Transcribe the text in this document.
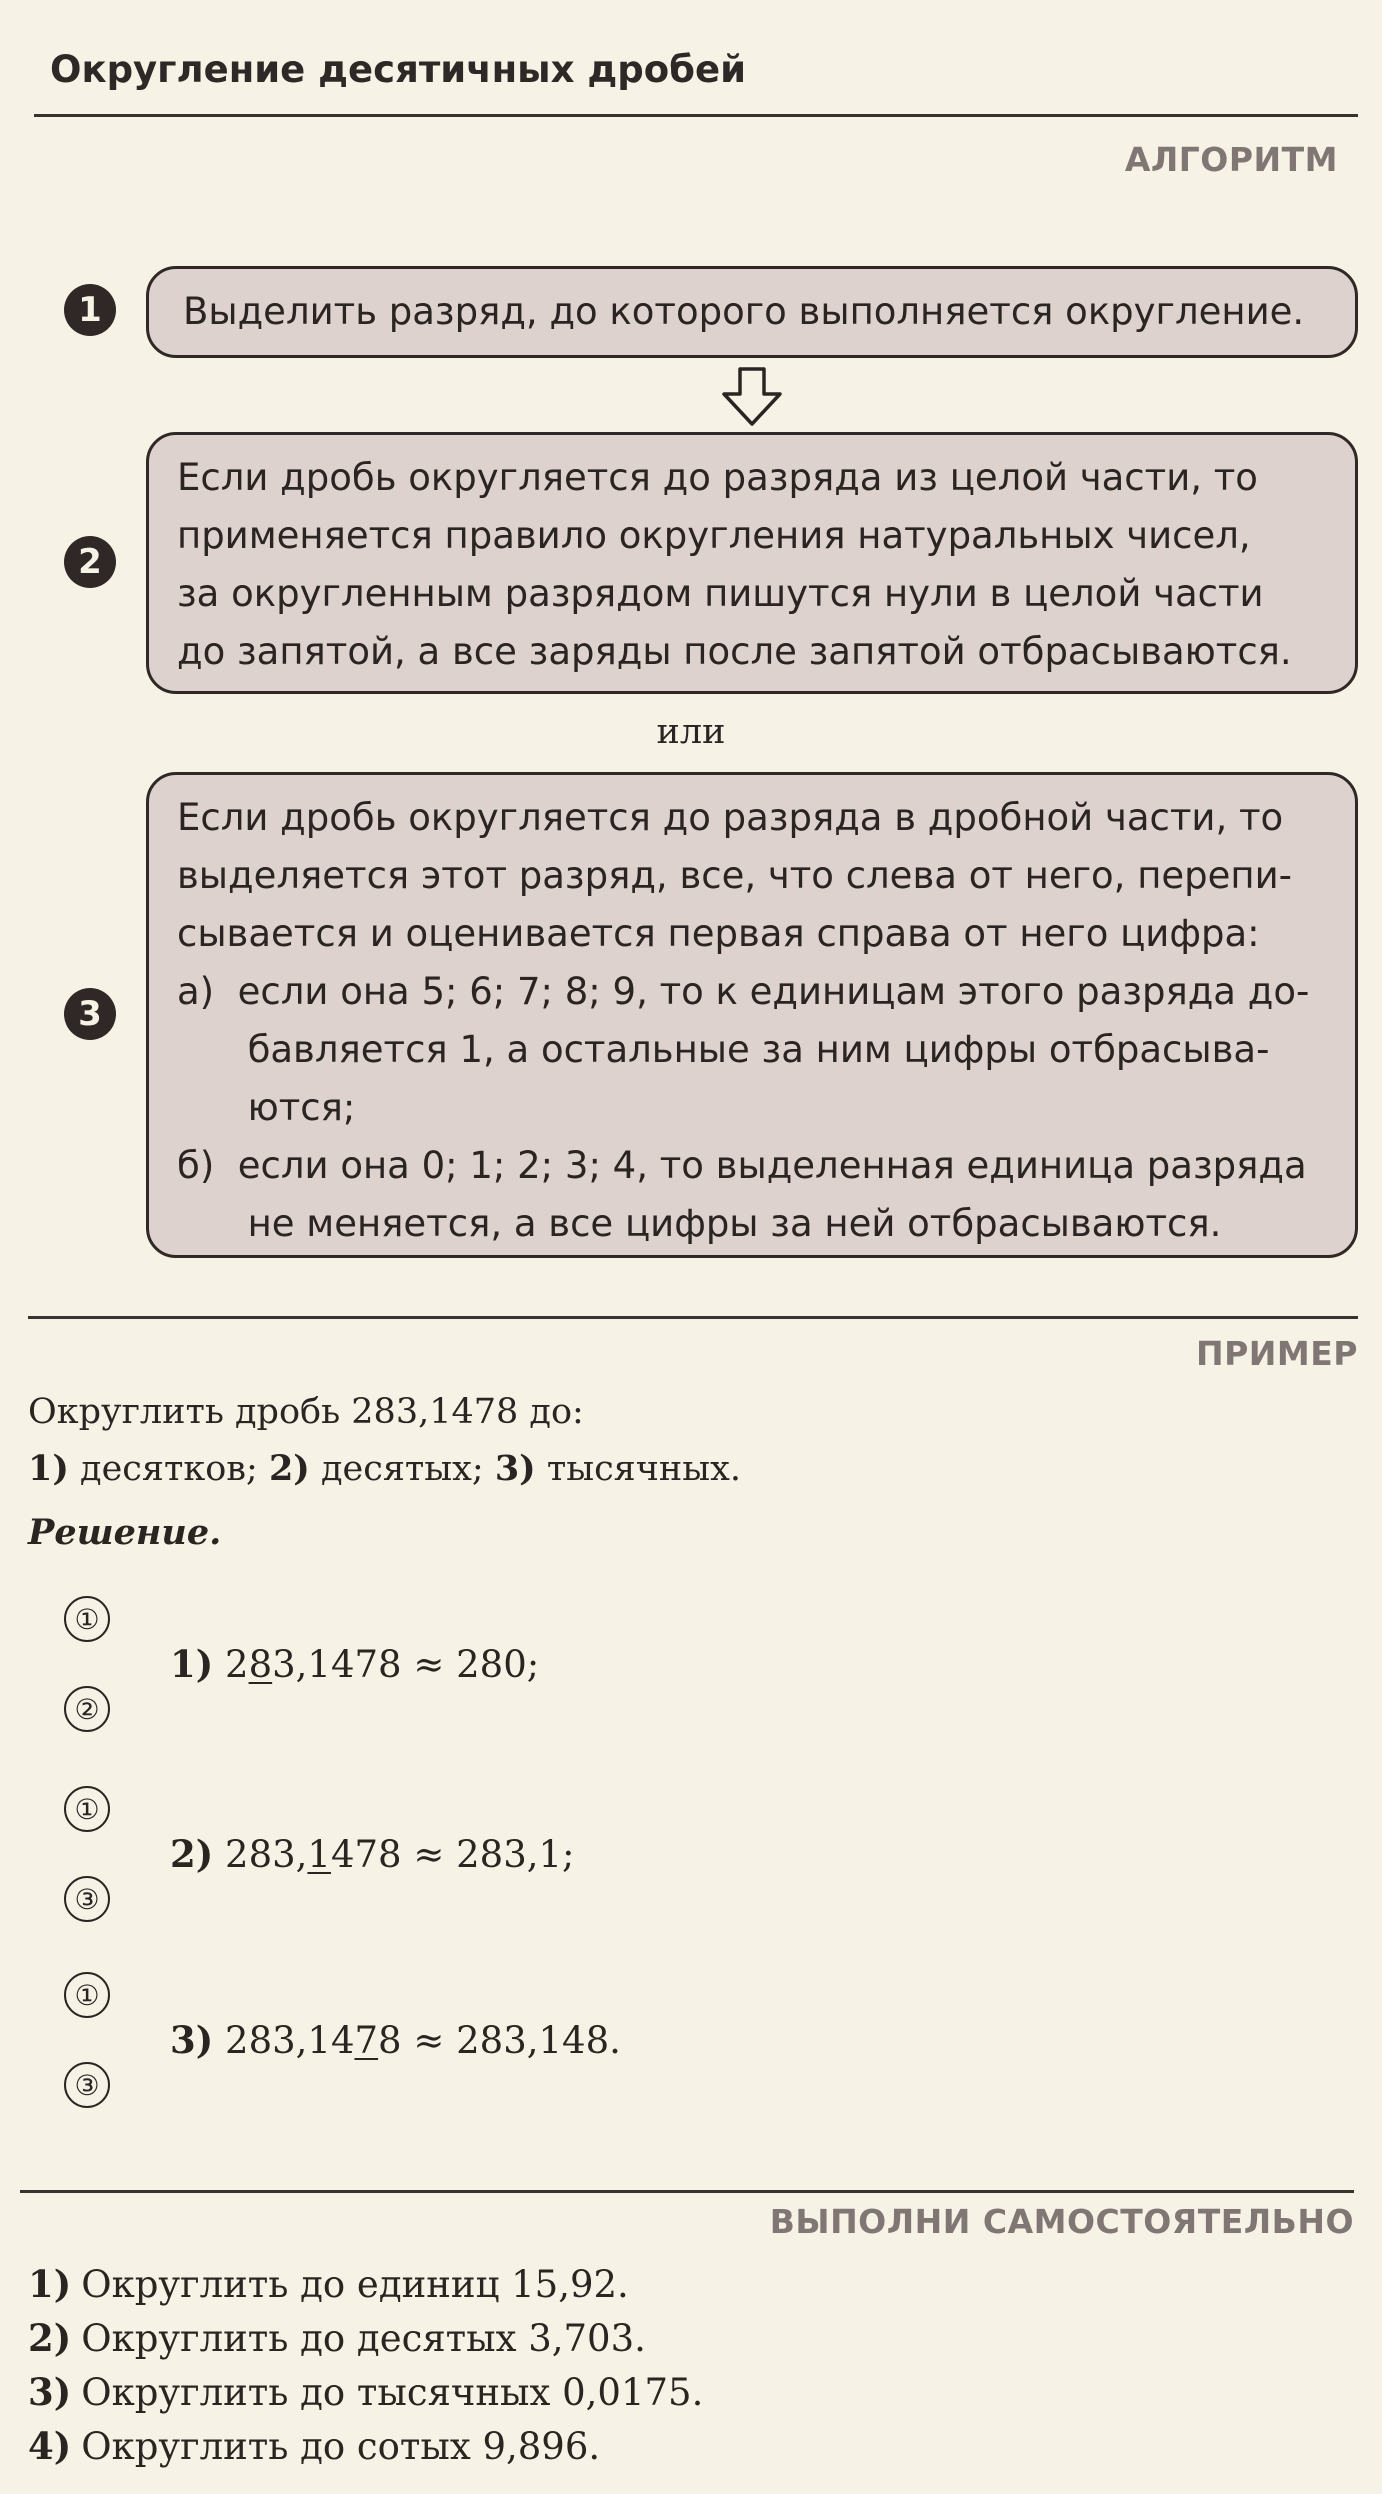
Округление десятичных дробей
АЛГОРИТМ
1	Выделить разряд, до которого выполняется округление.

2

Если дробь округляется до разряда из целой части, то

применяется правило округления натуральных чисел,

за округленным разрядом пишутся нули в целой части

до запятой, а все заряды после запятой отбрасываются.

или
3

Если дробь округляется до разряда в дробной части, то

выделяется этот разряд, все, что слева от него, перепи-

сывается и оценивается первая справа от него цифра:

а)  если она 5; 6; 7; 8; 9, то к единицам этого разряда до-

бавляется 1, а остальные за ним цифры отбрасыва-

ются;

б)  если она 0; 1; 2; 3; 4, то выделенная единица разряда

не меняется, а все цифры за ней отбрасываются.

ПРИМЕР
Округлить дробь 283,1478 до:
1) десятков; 2) десятых; 3) тысячных.
Решение.
①
②
1) 283,1478 ≈ 280;
①
③
2) 283,1478 ≈ 283,1;
①
③
3) 283,1478 ≈ 283,148.
ВЫПОЛНИ САМОСТОЯТЕЛЬНО
1) Округлить до единиц 15,92.
2) Округлить до десятых 3,703.
3) Округлить до тысячных 0,0175.
4) Округлить до сотых 9,896.
